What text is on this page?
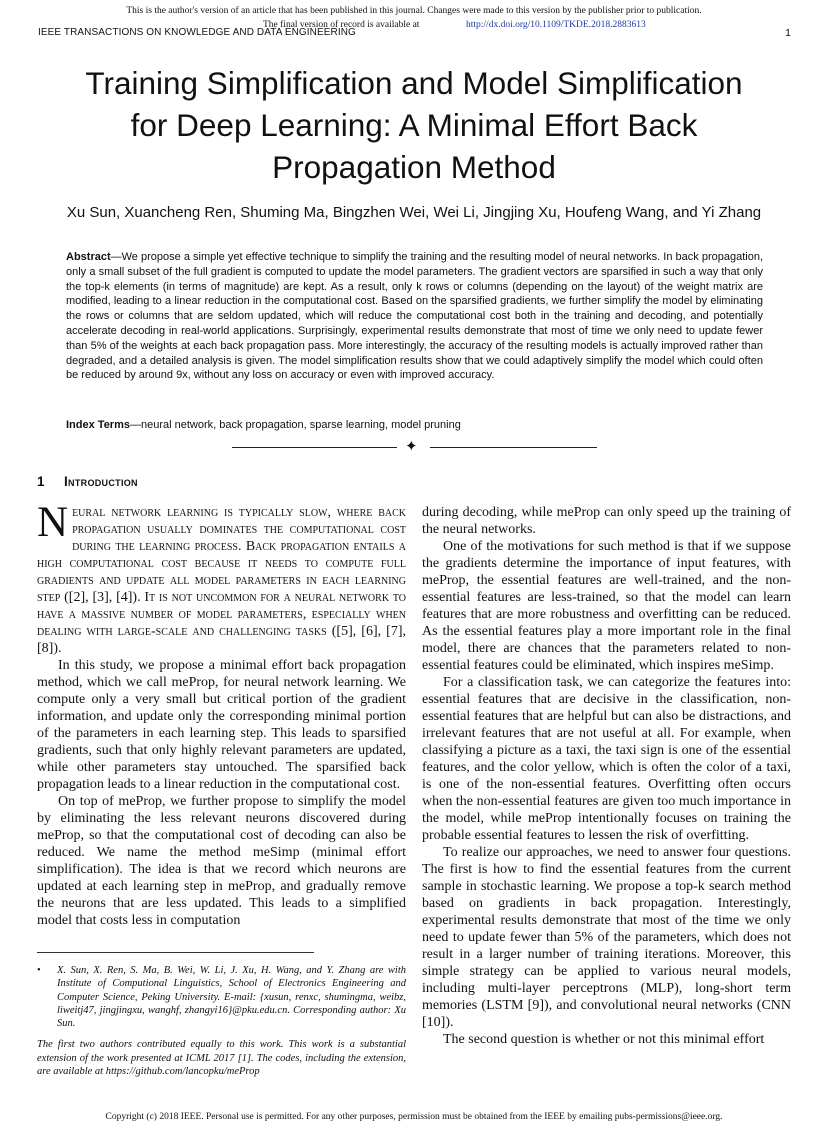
This is the author's version of an article that has been published in this journal. Changes were made to this version by the publisher prior to publication.
The final version of record is available at	http://dx.doi.org/10.1109/TKDE.2018.2883613
IEEE TRANSACTIONS ON KNOWLEDGE AND DATA ENGINEERING	1
Training Simplification and Model Simplification
for Deep Learning: A Minimal Effort Back
Propagation Method
Xu Sun, Xuancheng Ren, Shuming Ma, Bingzhen Wei, Wei Li, Jingjing Xu, Houfeng Wang, and Yi Zhang
Abstract—We propose a simple yet effective technique to simplify the training and the resulting model of neural networks. In back propagation, only a small subset of the full gradient is computed to update the model parameters. The gradient vectors are sparsified in such a way that only the top-k elements (in terms of magnitude) are kept. As a result, only k rows or columns (depending on the layout) of the weight matrix are modified, leading to a linear reduction in the computational cost. Based on the sparsified gradients, we further simplify the model by eliminating the rows or columns that are seldom updated, which will reduce the computational cost both in the training and decoding, and potentially accelerate decoding in real-world applications. Surprisingly, experimental results demonstrate that most of time we only need to update fewer than 5% of the weights at each back propagation pass. More interestingly, the accuracy of the resulting models is actually improved rather than degraded, and a detailed analysis is given. The model simplification results show that we could adaptively simplify the model which could often be reduced by around 9x, without any loss on accuracy or even with improved accuracy.
Index Terms—neural network, back propagation, sparse learning, model pruning
✦
1 Introduction

Neural network learning is typically slow, where back propagation usually dominates the computational cost during the learning process. Back propagation entails a high computational cost because it needs to compute full gradients and update all model parameters in each learning step ([2], [3], [4]). It is not uncommon for a neural network to have a massive number of model parameters, especially when dealing with large-scale and challenging tasks ([5], [6], [7], [8]).

In this study, we propose a minimal effort back propagation method, which we call meProp, for neural network learning. We compute only a very small but critical portion of the gradient information, and update only the corresponding minimal portion of the parameters in each learning step. This leads to sparsified gradients, such that only highly relevant parameters are updated, while other parameters stay untouched. The sparsified back propagation leads to a linear reduction in the computational cost.

On top of meProp, we further propose to simplify the model by eliminating the less relevant neurons discovered during meProp, so that the computational cost of decoding can also be reduced. We name the method meSimp (minimal effort simplification). The idea is that we record which neurons are updated at each learning step in meProp, and gradually remove the neurons that are less updated. This leads to a simplified model that costs less in computation

•	X. Sun, X. Ren, S. Ma, B. Wei, W. Li, J. Xu, H. Wang, and Y. Zhang are with Institute of Computional Linguistics, School of Electronics Engineering and Computer Science, Peking University. E-mail: {xusun, renxc, shumingma, weibz, liweitj47, jingjingxu, wanghf, zhangyi16}@pku.edu.cn. Corresponding author: Xu Sun.

The first two authors contributed equally to this work. This work is a substantial extension of the work presented at ICML 2017 [1]. The codes, including the extension, are available at https://github.com/lancopku/meProp

during decoding, while meProp can only speed up the training of the neural networks.

One of the motivations for such method is that if we suppose the gradients determine the importance of input features, with meProp, the essential features are well-trained, and the non-essential features are less-trained, so that the model can learn features that are more robustness and overfitting can be reduced. As the essential features play a more important role in the final model, there are chances that the parameters related to non-essential features could be eliminated, which inspires meSimp.

For a classification task, we can categorize the features into: essential features that are decisive in the classification, non-essential features that are helpful but can also be distractions, and irrelevant features that are not useful at all. For example, when classifying a picture as a taxi, the taxi sign is one of the essential features, and the color yellow, which is often the color of a taxi, is one of the non-essential features. Overfitting often occurs when the non-essential features are given too much importance in the model, while meProp intentionally focuses on training the probable essential features to lessen the risk of overfitting.

To realize our approaches, we need to answer four questions. The first is how to find the essential features from the current sample in stochastic learning. We propose a top-k search method based on gradients in back propagation. Interestingly, experimental results demonstrate that most of the time we only need to update fewer than 5% of the parameters, which does not result in a larger number of training iterations. Moreover, this simple strategy can be applied to various neural models, including multi-layer perceptrons (MLP), long-short term memories (LSTM [9]), and convolutional neural networks (CNN [10]).

The second question is whether or not this minimal effort

Copyright (c) 2018 IEEE. Personal use is permitted. For any other purposes, permission must be obtained from the IEEE by emailing pubs-permissions@ieee.org.
